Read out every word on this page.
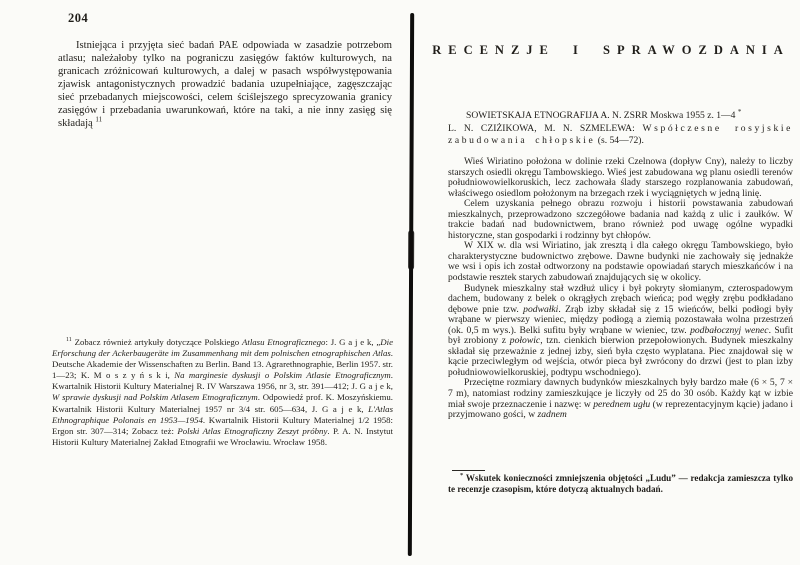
204

Istniejąca i przyjęta sieć badań PAE odpowiada w zasadzie potrzebom atlasu; należałoby tylko na pograniczu zasięgów faktów kulturowych, na granicach zróżnicowań kulturowych, a dalej w pasach współwystępowania zjawisk antagonistycznych prowadzić badania uzupełniające, zagęszczając sieć przebadanych miejscowości, celem ściślejszego sprecyzowania granicy zasięgów i przebadania uwarunkowań, które na taki, a nie inny zasięg się składają $^{11}$

$^{11}$ Zobacz również artykuły dotyczące Polskiego Atlasu Etnograficznego: J. G a j e k, „Die Erforschung der Ackerbaugeräte im Zusammenhang mit dem polnischen etnographischen Atlas. Deutsche Akademie der Wissenschaften zu Berlin. Band 13. Agrarethnographie, Berlin 1957. str. 1—23; K. M o s z y ń s k i, Na marginesie dyskusji o Polskim Atlasie Etnograficznym. Kwartalnik Historii Kultury Materialnej R. IV Warszawa 1956, nr 3, str. 391—412; J. G a j e k, W sprawie dyskusji nad Polskim Atlasem Etnograficznym. Odpowiedź prof. K. Moszyńskiemu. Kwartalnik Historii Kultury Materialnej 1957 nr 3/4 str. 605—634, J. G a j e k, L'Atlas Ethnographique Polonais en 1953—1954. Kwartalnik Historii Kultury Materialnej 1/2 1958: Ergon str. 307—314; Zobacz też: Polski Atlas Etnograficzny Zeszyt próbny. P. A. N. Instytut Historii Kultury Materialnej Zakład Etnografii we Wrocławiu. Wrocław 1958.

RECENZJE I SPRAWOZDANIA

SOWIETSKAJA ETNOGRAFIJA A. N. ZSRR Moskwa 1955 z. 1—4 *
L. N. CZIŻIKOWA, M. N. SZMELEWA: Współczesne rosyjskie zabudowania chłopskie (s. 54—72).

Wieś Wiriatino położona w dolinie rzeki Czelnowa (dopływ Cny), należy to liczby starszych osiedli okręgu Tambowskiego. Wieś jest zabudowana wg planu osiedli terenów południowowielkoruskich, lecz zachowała ślady starszego rozplanowania zabudowań, właściwego osiedlom położonym na brzegach rzek i wyciągniętych w jedną linię.

Celem uzyskania pełnego obrazu rozwoju i historii powstawania zabudowań mieszkalnych, przeprowadzono szczegółowe badania nad każdą z ulic i zaułków. W trakcie badań nad budownictwem, brano również pod uwagę ogólne wypadki historyczne, stan gospodarki i rodzinny byt chłopów.

W XIX w. dla wsi Wiriatino, jak zresztą i dla całego okręgu Tambowskiego, było charakterystyczne budownictwo zrębowe. Dawne budynki nie zachowały się jednakże we wsi i opis ich został odtworzony na podstawie opowiadań starych mieszkańców i na podstawie resztek starych zabudowań znajdujących się w okolicy.

Budynek mieszkalny stał wzdłuż ulicy i był pokryty słomianym, czterospadowym dachem, budowany z belek o okrągłych zrębach wieńca; pod węgły zrębu podkładano dębowe pnie tzw. podwałki. Zrąb izby składał się z 15 wieńców, belki podłogi były wrąbane w pierwszy wieniec, między podłogą a ziemią pozostawała wolna przestrzeń (ok. 0,5 m wys.). Belki sufitu były wrąbane w wieniec, tzw. podbałocznyj wenec. Sufit był zrobiony z połowic, tzn. cienkich bierwion przepołowionych. Budynek mieszkalny składał się przeważnie z jednej izby, sień była często wyplatana. Piec znajdował się w kącie przeciwległym od wejścia, otwór pieca był zwrócony do drzwi (jest to plan izby południowowielkoruskiej, podtypu wschodniego).

Przeciętne rozmiary dawnych budynków mieszkalnych były bardzo małe (6 × 5, 7 × 7 m), natomiast rodziny zamieszkujące je liczyły od 25 do 30 osób. Każdy kąt w izbie miał swoje przeznaczenie i nazwę: w perednem ugłu (w reprezentacyjnym kącie) jadano i przyjmowano gości, w zadnem

* Wskutek konieczności zmniejszenia objętości „Ludu” — redakcja zamieszcza tylko te recenzje czasopism, które dotyczą aktualnych badań.
